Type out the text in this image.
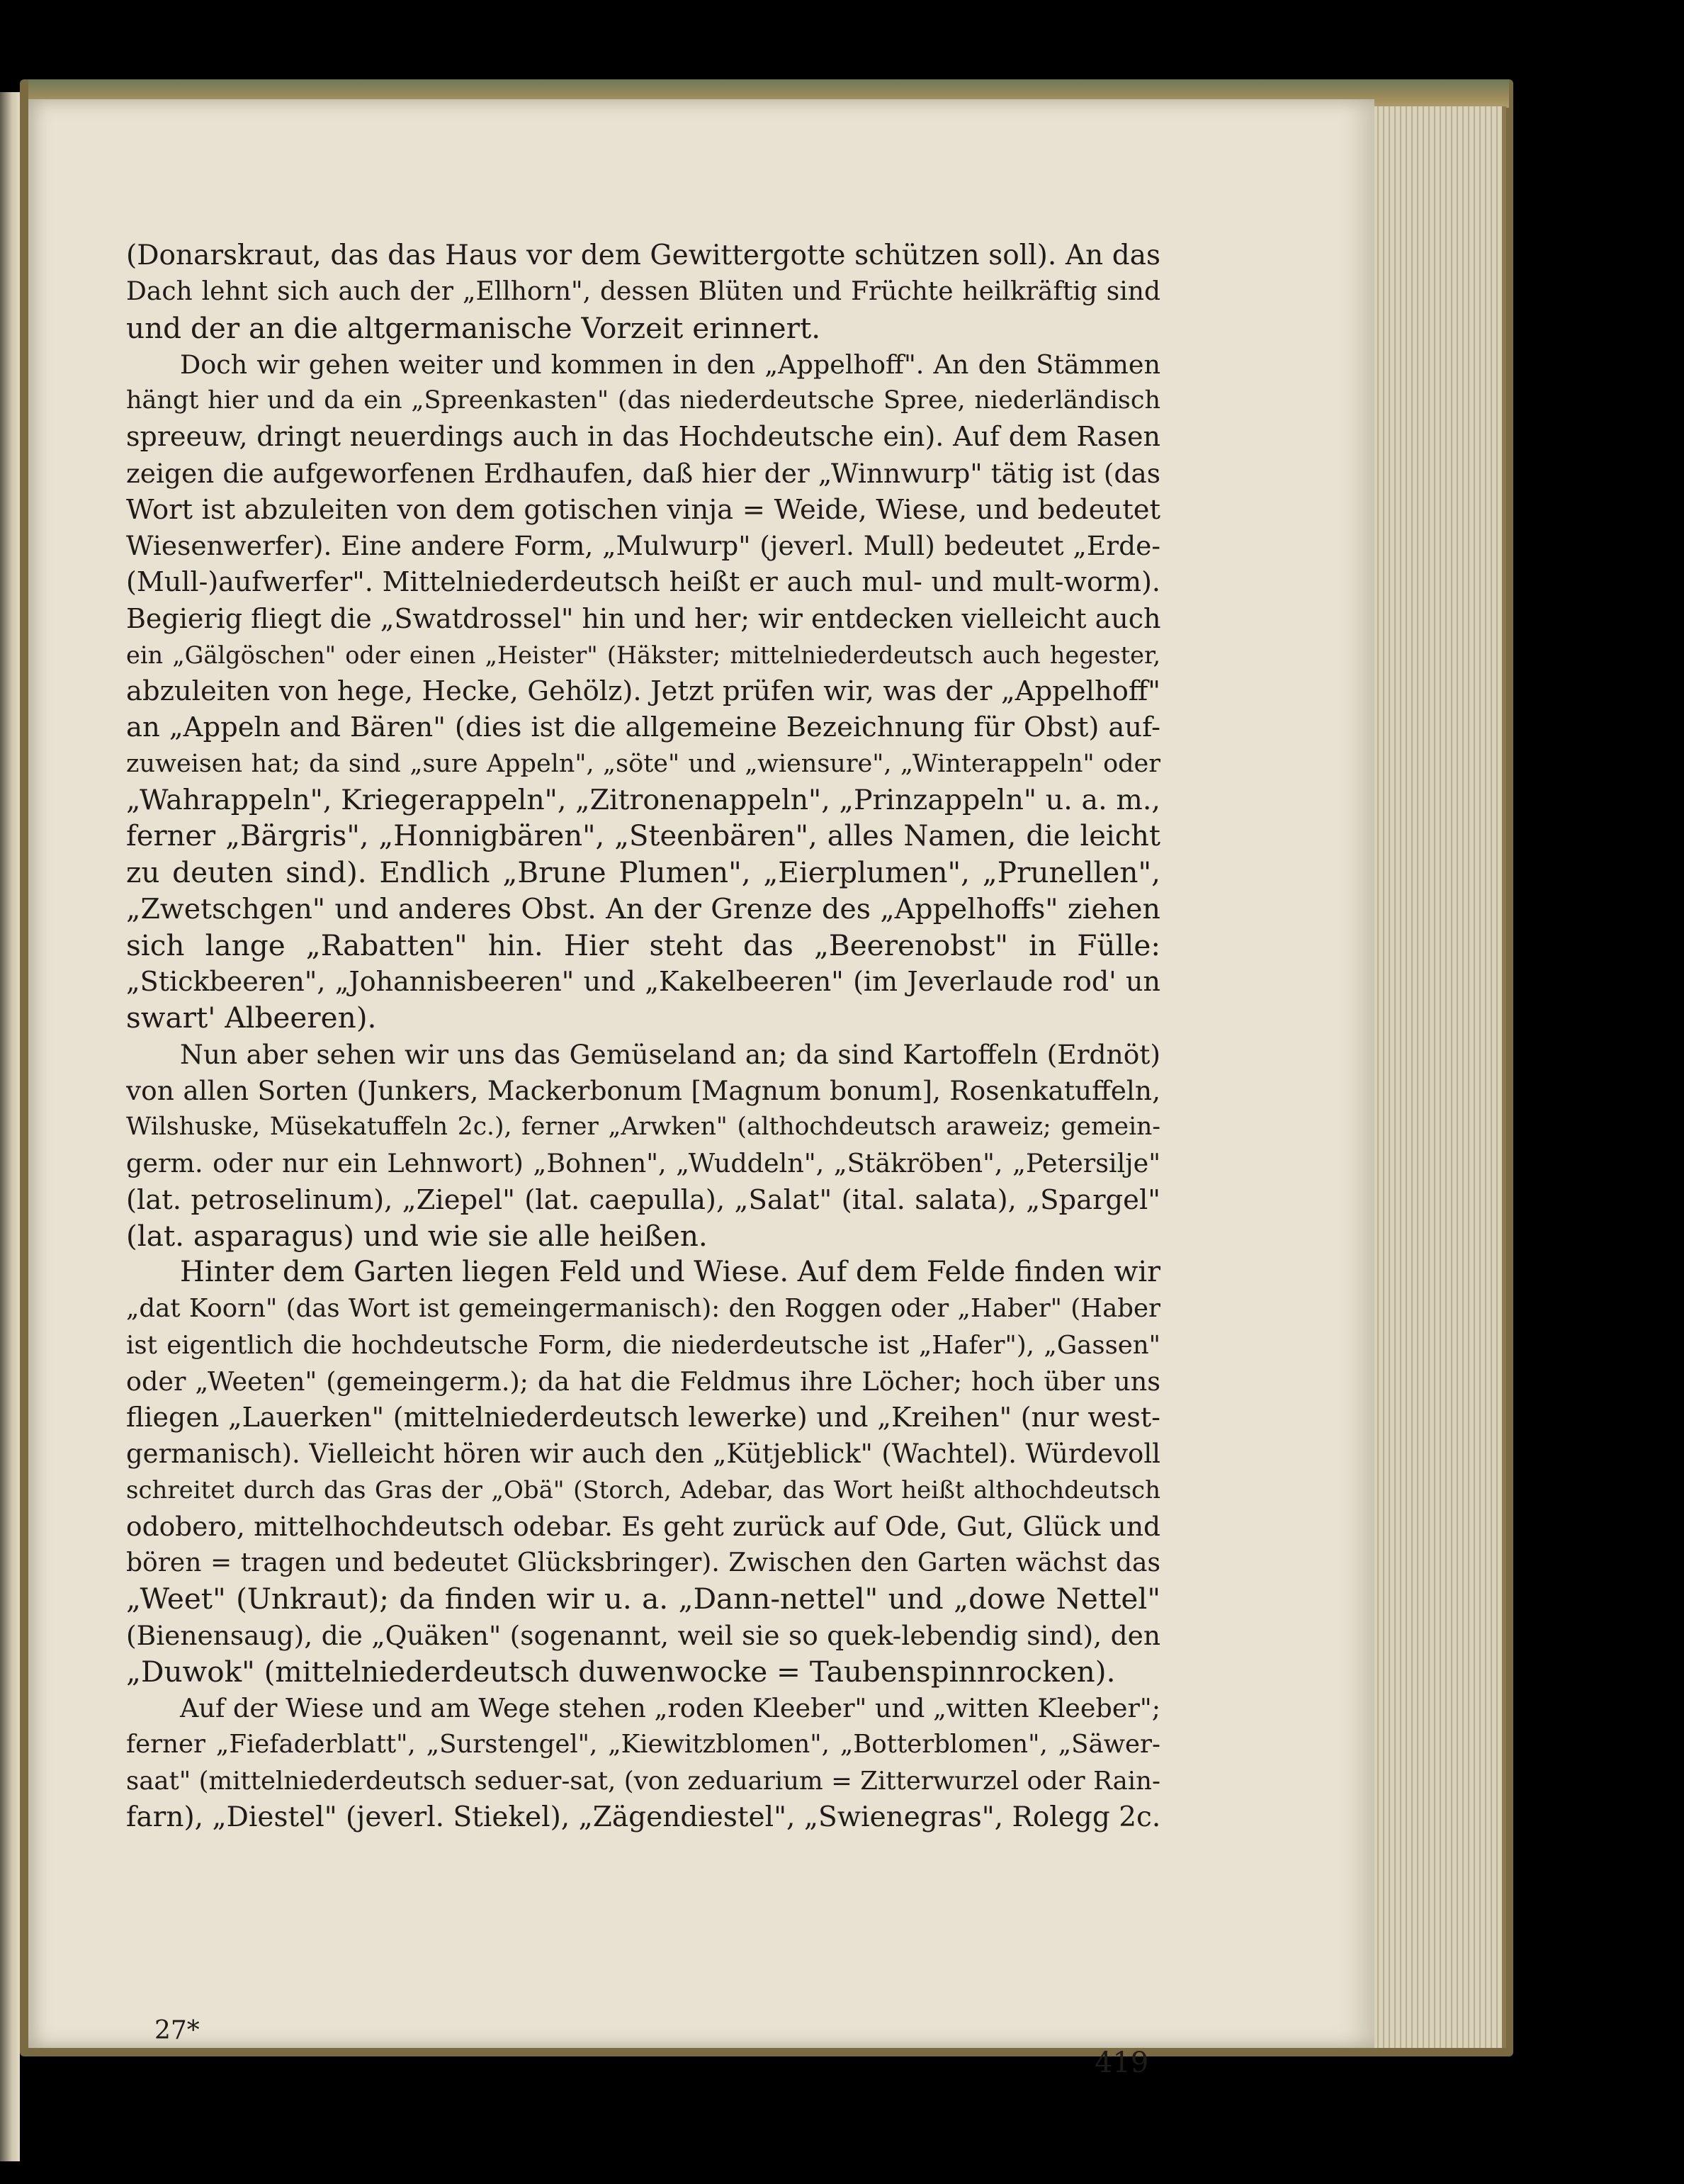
(Donarskraut, das das Haus vor dem Gewittergotte schützen soll). An das
Dach lehnt sich auch der „Ellhorn", dessen Blüten und Früchte heilkräftig sind
und der an die altgermanische Vorzeit erinnert.
Doch wir gehen weiter und kommen in den „Appelhoff". An den Stämmen
hängt hier und da ein „Spreenkasten" (das niederdeutsche Spree, niederländisch
spreeuw, dringt neuerdings auch in das Hochdeutsche ein). Auf dem Rasen
zeigen die aufgeworfenen Erdhaufen, daß hier der „Winnwurp" tätig ist (das
Wort ist abzuleiten von dem gotischen vinja = Weide, Wiese, und bedeutet
Wiesenwerfer). Eine andere Form, „Mulwurp" (jeverl. Mull) bedeutet „Erde-
(Mull-)aufwerfer". Mittelniederdeutsch heißt er auch mul- und mult-worm).
Begierig fliegt die „Swatdrossel" hin und her; wir entdecken vielleicht auch
ein „Gälgöschen" oder einen „Heister" (Häkster; mittelniederdeutsch auch hegester,
abzuleiten von hege, Hecke, Gehölz). Jetzt prüfen wir, was der „Appelhoff"
an „Appeln and Bären" (dies ist die allgemeine Bezeichnung für Obst) auf-
zuweisen hat; da sind „sure Appeln", „söte" und „wiensure", „Winterappeln" oder
„Wahrappeln", Kriegerappeln", „Zitronenappeln", „Prinzappeln" u. a. m.,
ferner „Bärgris", „Honnigbären", „Steenbären", alles Namen, die leicht
zu deuten sind). Endlich „Brune Plumen", „Eierplumen", „Prunellen",
„Zwetschgen" und anderes Obst. An der Grenze des „Appelhoffs" ziehen
sich lange „Rabatten" hin. Hier steht das „Beerenobst" in Fülle:
„Stickbeeren", „Johannisbeeren" und „Kakelbeeren" (im Jeverlaude rod' un
swart' Albeeren).
Nun aber sehen wir uns das Gemüseland an; da sind Kartoffeln (Erdnöt)
von allen Sorten (Junkers, Mackerbonum [Magnum bonum], Rosenkatuffeln,
Wilshuske, Müsekatuffeln 2c.), ferner „Arwken" (althochdeutsch araweiz; gemein-
germ. oder nur ein Lehnwort) „Bohnen", „Wuddeln", „Stäkröben", „Petersilje"
(lat. petroselinum), „Ziepel" (lat. caepulla), „Salat" (ital. salata), „Spargel"
(lat. asparagus) und wie sie alle heißen.
Hinter dem Garten liegen Feld und Wiese. Auf dem Felde finden wir
„dat Koorn" (das Wort ist gemeingermanisch): den Roggen oder „Haber" (Haber
ist eigentlich die hochdeutsche Form, die niederdeutsche ist „Hafer"), „Gassen"
oder „Weeten" (gemeingerm.); da hat die Feldmus ihre Löcher; hoch über uns
fliegen „Lauerken" (mittelniederdeutsch lewerke) und „Kreihen" (nur west-
germanisch). Vielleicht hören wir auch den „Kütjeblick" (Wachtel). Würdevoll
schreitet durch das Gras der „Obä" (Storch, Adebar, das Wort heißt althochdeutsch
odobero, mittelhochdeutsch odebar. Es geht zurück auf Ode, Gut, Glück und
bören = tragen und bedeutet Glücksbringer). Zwischen den Garten wächst das
„Weet" (Unkraut); da finden wir u. a. „Dann-nettel" und „dowe Nettel"
(Bienensaug), die „Quäken" (sogenannt, weil sie so quek-lebendig sind), den
„Duwok" (mittelniederdeutsch duwenwocke = Taubenspinnrocken).
Auf der Wiese und am Wege stehen „roden Kleeber" und „witten Kleeber";
ferner „Fiefaderblatt", „Surstengel", „Kiewitzblomen", „Botterblomen", „Säwer-
saat" (mittelniederdeutsch seduer-sat, (von zeduarium = Zitterwurzel oder Rain-
farn), „Diestel" (jeverl. Stiekel), „Zägendiestel", „Swienegras", Rolegg 2c.
27*
419
